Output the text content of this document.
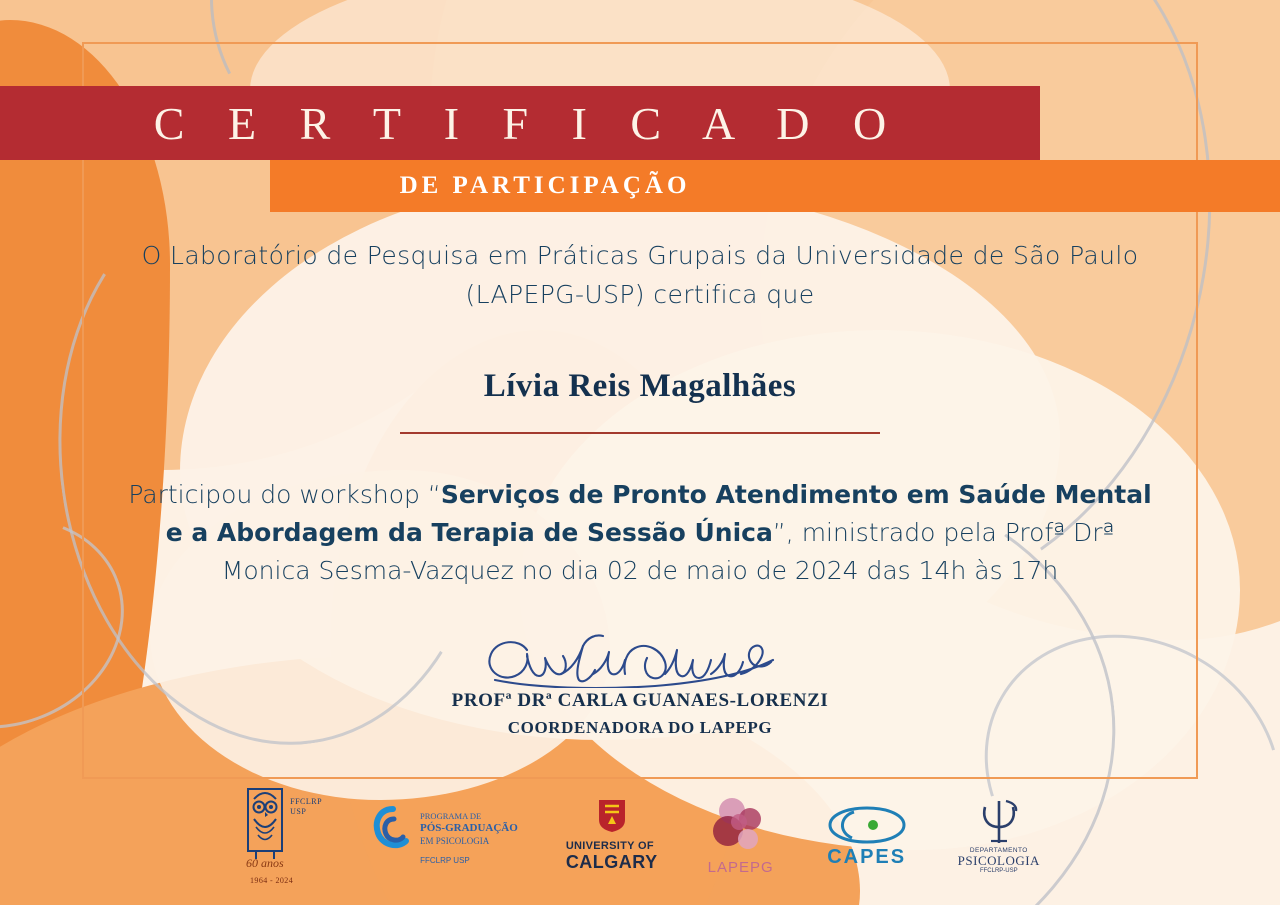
C E R T I F I C A D O
DE PARTICIPAÇÃO
O Laboratório de Pesquisa em Práticas Grupais da Universidade de São Paulo (LAPEPG-USP) certifica que
Lívia Reis Magalhães
Participou do workshop “Serviços de Pronto Atendimento em Saúde Mental e a Abordagem da Terapia de Sessão Única”, ministrado pela Profª Drª Monica Sesma-Vazquez no dia 02 de maio de 2024 das 14h às 17h
PROFª DRª CARLA GUANAES-LORENZI
COORDENADORA DO LAPEPG
FFCLRP
USP
60 anos
1964 - 2024
PROGRAMA DE
PÓS-GRADUAÇÃO
EM PSICOLOGIA
FFCLRP USP
UNIVERSITY OF
CALGARY	LAPEPG	CAPES	DEPARTAMENTO
PSICOLOGIA
FFCLRP-USP
